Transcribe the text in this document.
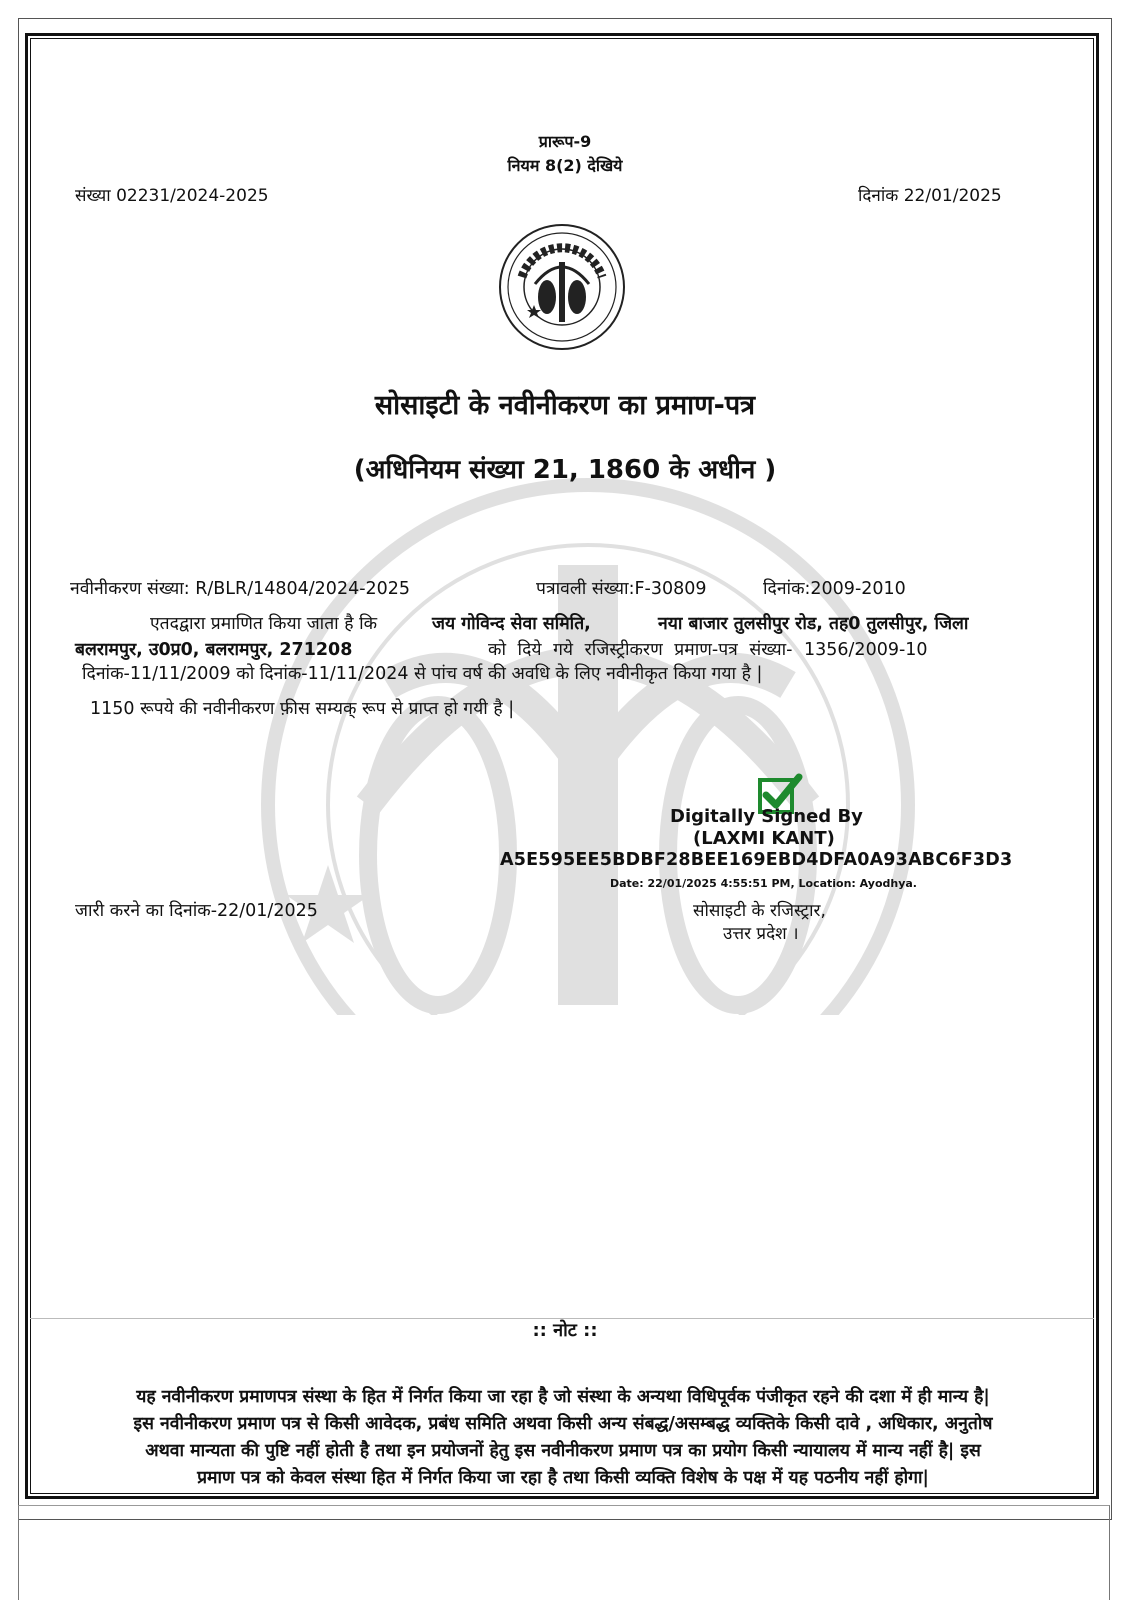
प्रारूप-9
नियम 8(2) देखिये
संख्या 02231/2024-2025	दिनांक 22/01/2025
सोसाइटी के नवीनीकरण का प्रमाण-पत्र
(अधिनियम संख्या 21, 1860 के अधीन )
नवीनीकरण संख्या: R/BLR/14804/2024-2025	पत्रावली संख्या:F-30809	दिनांक:2009-2010
एतदद्वारा प्रमाणित किया जाता है कि	जय गोविन्द सेवा समिति,	नया बाजार तुलसीपुर रोड, तह0 तुलसीपुर, जिला
बलरामपुर, उ0प्र0, बलरामपुर, 271208	को दिये गये रजिस्ट्रीकरण प्रमाण-पत्र संख्या- 1356/2009-10
दिनांक-11/11/2009 को दिनांक-11/11/2024 से पांच वर्ष की अवधि के लिए नवीनीकृत किया गया है |
1150 रूपये की नवीनीकरण फ़ीस सम्यक् रूप से प्राप्त हो गयी है |
Digitally Signed By
(LAXMI KANT)
A5E595EE5BDBF28BEE169EBD4DFA0A93ABC6F3D3
Date: 22/01/2025 4:55:51 PM, Location: Ayodhya.
सोसाइटी के रजिस्ट्रार,
उत्तर प्रदेश ।
जारी करने का दिनांक-22/01/2025
:: नोट ::
यह नवीनीकरण प्रमाणपत्र संस्था के हित में निर्गत किया जा रहा है जो संस्था के अन्यथा विधिपूर्वक पंजीकृत रहने की दशा में ही मान्य है|
इस नवीनीकरण प्रमाण पत्र से किसी आवेदक, प्रबंध समिति अथवा किसी अन्य संबद्ध/असम्बद्ध व्यक्तिके किसी दावे , अधिकार, अनुतोष
अथवा मान्यता की पुष्टि नहीं होती है तथा इन प्रयोजनों हेतु इस नवीनीकरण प्रमाण पत्र का प्रयोग किसी न्यायालय में मान्य नहीं है| इस
प्रमाण पत्र को केवल संस्था हित में निर्गत किया जा रहा है तथा किसी व्यक्ति विशेष के पक्ष में यह पठनीय नहीं होगा|
